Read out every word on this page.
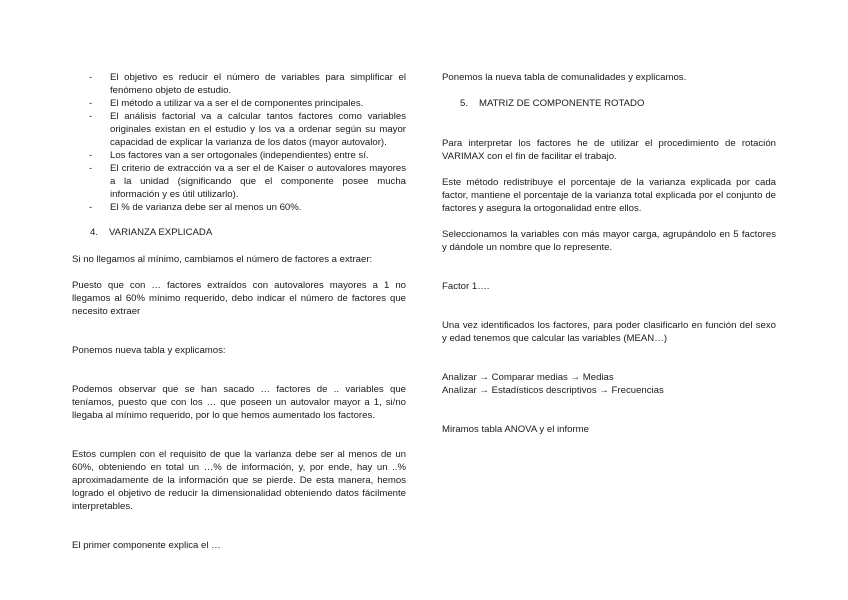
- El objetivo es reducir el número de variables para simplificar el fenómeno objeto de estudio.
- El método a utilizar va a ser el de componentes principales.
- El análisis factorial va a calcular tantos factores como variables originales existan en el estudio y los va a ordenar según su mayor capacidad de explicar la varianza de los datos (mayor autovalor).
- Los factores van a ser ortogonales (independientes) entre sí.
- El criterio de extracción va a ser el de Kaiser o autovalores mayores a la unidad (significando que el componente posee mucha información y es útil utilizarlo).
- El % de varianza debe ser al menos un 60%.
4. VARIANZA EXPLICADA

Si no llegamos al mínimo, cambiamos el número de factores a extraer:

Puesto que con … factores extraídos con autovalores mayores a 1 no llegamos al 60% mínimo requerido, debo indicar el número de factores que necesito extraer

Ponemos nueva tabla y explicamos:

Podemos observar que se han sacado … factores de .. variables que teníamos, puesto que con los … que poseen un autovalor mayor a 1, si/no llegaba al mínimo requerido, por lo que hemos aumentado los factores.

Estos cumplen con el requisito de que la varianza debe ser al menos de un 60%, obteniendo en total un …% de información, y, por ende, hay un ..% aproximadamente de la información que se pierde. De esta manera, hemos logrado el objetivo de reducir la dimensionalidad obteniendo datos fácilmente interpretables.

El primer componente explica el …

Ponemos la nueva tabla de comunalidades y explicamos.

5. MATRIZ DE COMPONENTE ROTADO

Para interpretar los factores he de utilizar el procedimiento de rotación VARIMAX con el fin de facilitar el trabajo.

Este método redistribuye el porcentaje de la varianza explicada por cada factor, mantiene el porcentaje de la varianza total explicada por el conjunto de factores y asegura la ortogonalidad entre ellos.

Seleccionamos la variables con más mayor carga, agrupándolo en 5 factores y dándole un nombre que lo represente.

Factor 1….

Una vez identificados los factores, para poder clasificarlo en función del sexo y edad tenemos que calcular las variables (MEAN…)

Analizar → Comparar medias → Medias

Analizar → Estadísticos descriptivos → Frecuencias

Miramos tabla ANOVA y el informe
